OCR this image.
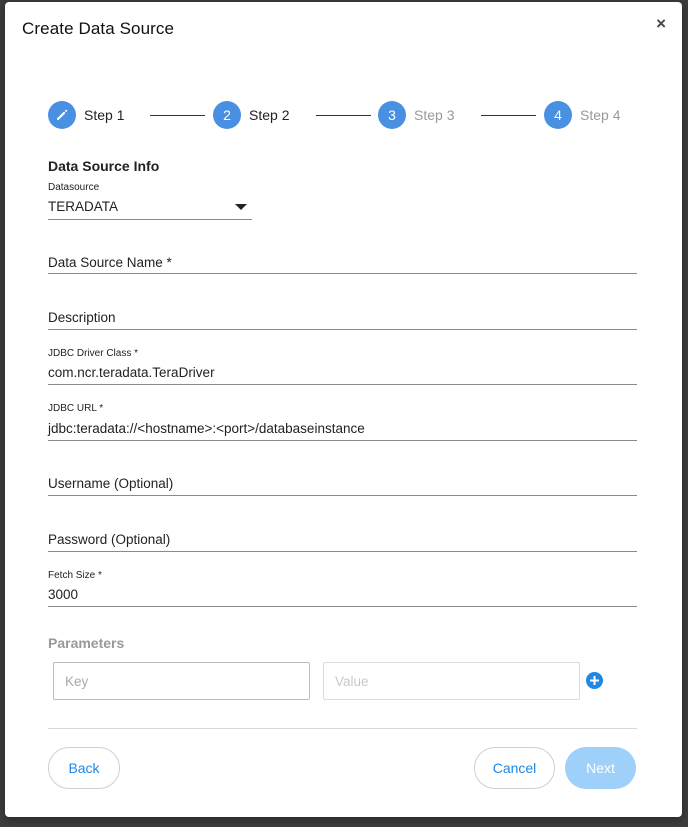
Create Data Source	×
Step 1	2	Step 2	3	Step 3	4	Step 4
Data Source Info
Datasource
TERADATA
Data Source Name *
Description
JDBC Driver Class *
com.ncr.teradata.TeraDriver
JDBC URL *
jdbc:teradata://<hostname>:<port>/databaseinstance
Username (Optional)
Password (Optional)
Fetch Size *
3000
Parameters
Key
Value
Back	Cancel	Next
